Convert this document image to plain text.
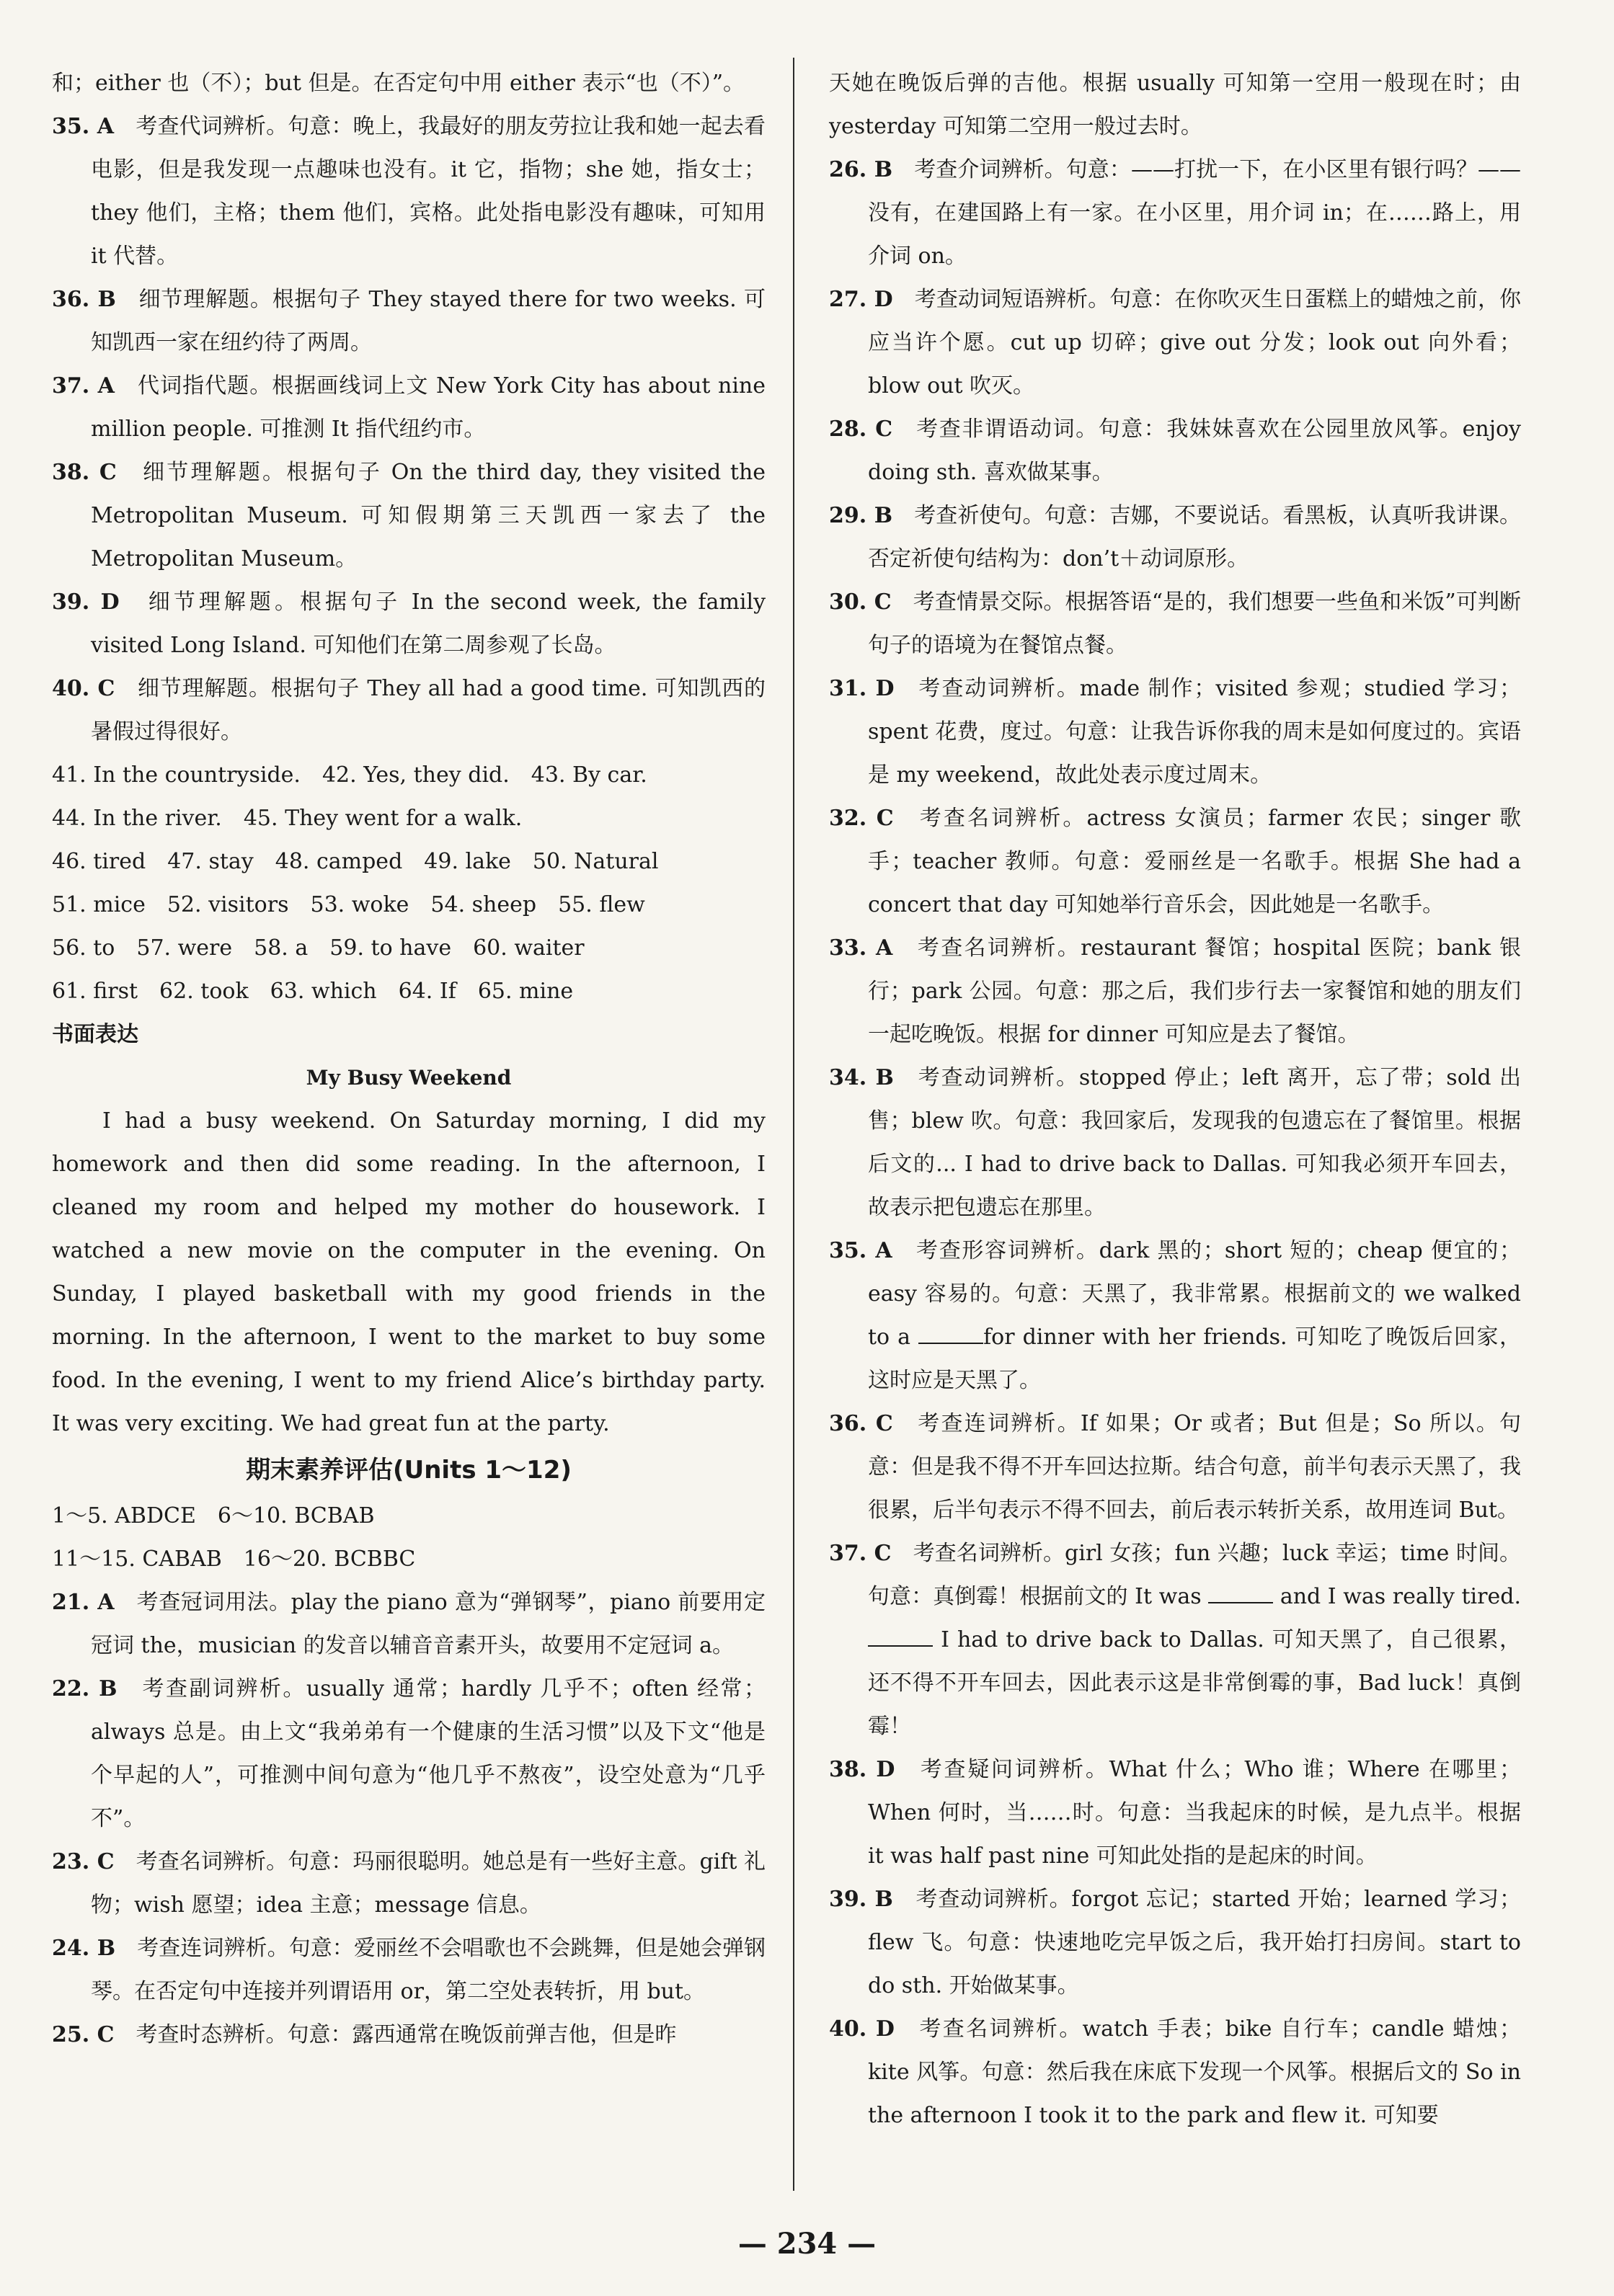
和；either 也（不）；but 但是。在否定句中用 either 表示“也（不）”。

35. A　 考查代词辨析。句意：晚上，我最好的朋友劳拉让我和她一起去看电影，但是我发现一点趣味也没有。it 它，指物；she 她，指女士；they 他们，主格；them 他们，宾格。此处指电影没有趣味，可知用 it 代替。

36. B　 细节理解题。根据句子 They stayed there for two weeks. 可知凯西一家在纽约待了两周。

37. A　 代词指代题。根据画线词上文 New York City has about nine million people. 可推测 It 指代纽约市。

38. C　 细节理解题。根据句子 On the third day, they visited the Metropolitan Museum. 可知假期第三天凯西一家去了 the Metropolitan Museum。

39. D　 细节理解题。根据句子 In the second week, the family visited Long Island. 可知他们在第二周参观了长岛。

40. C　 细节理解题。根据句子 They all had a good time. 可知凯西的暑假过得很好。

41. In the countryside.　42. Yes, they did.　43. By car.

44. In the river.　45. They went for a walk.

46. tired　47. stay　48. camped　49. lake　50. Natural

51. mice　52. visitors　53. woke　54. sheep　55. flew

56. to　57. were　58. a　59. to have　60. waiter

61. first　62. took　63. which　64. If　65. mine

书面表达

My Busy Weekend

I had a busy weekend. On Saturday morning, I did my homework and then did some reading. In the afternoon, I cleaned my room and helped my mother do housework. I watched a new movie on the computer in the evening. On Sunday, I played basketball with my good friends in the morning. In the afternoon, I went to the market to buy some food. In the evening, I went to my friend Alice’s birthday party. It was very exciting. We had great fun at the party.

期末素养评估(Units 1～12)

1～5. ABDCE　6～10. BCBAB

11～15. CABAB　16～20. BCBBC

21. A　 考查冠词用法。play the piano 意为“弹钢琴”，piano 前要用定冠词 the，musician 的发音以辅音音素开头，故要用不定冠词 a。

22. B　 考查副词辨析。usually 通常；hardly 几乎不；often 经常；always 总是。由上文“我弟弟有一个健康的生活习惯”以及下文“他是个早起的人”，可推测中间句意为“他几乎不熬夜”，设空处意为“几乎不”。

23. C　 考查名词辨析。句意：玛丽很聪明。她总是有一些好主意。gift 礼物；wish 愿望；idea 主意；message 信息。

24. B　 考查连词辨析。句意：爱丽丝不会唱歌也不会跳舞，但是她会弹钢琴。在否定句中连接并列谓语用 or，第二空处表转折，用 but。

25. C　 考查时态辨析。句意：露西通常在晚饭前弹吉他，但是昨

天她在晚饭后弹的吉他。根据 usually 可知第一空用一般现在时；由 yesterday 可知第二空用一般过去时。

26. B　 考查介词辨析。句意：——打扰一下，在小区里有银行吗？——没有，在建国路上有一家。在小区里，用介词 in；在……路上，用介词 on。

27. D　 考查动词短语辨析。句意：在你吹灭生日蛋糕上的蜡烛之前，你应当许个愿。cut up 切碎；give out 分发；look out 向外看；blow out 吹灭。

28. C　 考查非谓语动词。句意：我妹妹喜欢在公园里放风筝。enjoy doing sth. 喜欢做某事。

29. B　 考查祈使句。句意：吉娜，不要说话。看黑板，认真听我讲课。否定祈使句结构为：don’t＋动词原形。

30. C　 考查情景交际。根据答语“是的，我们想要一些鱼和米饭”可判断句子的语境为在餐馆点餐。

31. D　 考查动词辨析。made 制作；visited 参观；studied 学习；spent 花费，度过。句意：让我告诉你我的周末是如何度过的。宾语是 my weekend，故此处表示度过周末。

32. C　 考查名词辨析。actress 女演员；farmer 农民；singer 歌手；teacher 教师。句意：爱丽丝是一名歌手。根据 She had a concert that day 可知她举行音乐会，因此她是一名歌手。

33. A　 考查名词辨析。restaurant 餐馆；hospital 医院；bank 银行；park 公园。句意：那之后，我们步行去一家餐馆和她的朋友们一起吃晚饭。根据 for dinner 可知应是去了餐馆。

34. B　 考查动词辨析。stopped 停止；left 离开，忘了带；sold 出售；blew 吹。句意：我回家后，发现我的包遗忘在了餐馆里。根据后文的... I had to drive back to Dallas. 可知我必须开车回去，故表示把包遗忘在那里。

35. A　 考查形容词辨析。dark 黑的；short 短的；cheap 便宜的；easy 容易的。句意：天黑了，我非常累。根据前文的 we walked to a	for dinner with her friends. 可知吃了晚饭后回家，这时应是天黑了。

36. C　 考查连词辨析。If 如果；Or 或者；But 但是；So 所以。句意：但是我不得不开车回达拉斯。结合句意，前半句表示天黑了，我很累，后半句表示不得不回去，前后表示转折关系，故用连词 But。

37. C　 考查名词辨析。girl 女孩；fun 兴趣；luck 幸运；time 时间。句意：真倒霉！根据前文的 It was	and I was really tired.  I had to drive back to Dallas. 可知天黑了，自己很累，还不得不开车回去，因此表示这是非常倒霉的事，Bad luck！真倒霉！

38. D　 考查疑问词辨析。What 什么；Who 谁；Where 在哪里；When 何时，当……时。句意：当我起床的时候，是九点半。根据 it was half past nine 可知此处指的是起床的时间。

39. B　 考查动词辨析。forgot 忘记；started 开始；learned 学习；flew 飞。句意：快速地吃完早饭之后，我开始打扫房间。start to do sth. 开始做某事。

40. D　 考查名词辨析。watch 手表；bike 自行车；candle 蜡烛；kite 风筝。句意：然后我在床底下发现一个风筝。根据后文的 So in the afternoon I took it to the park and flew it. 可知要

— 234 —
